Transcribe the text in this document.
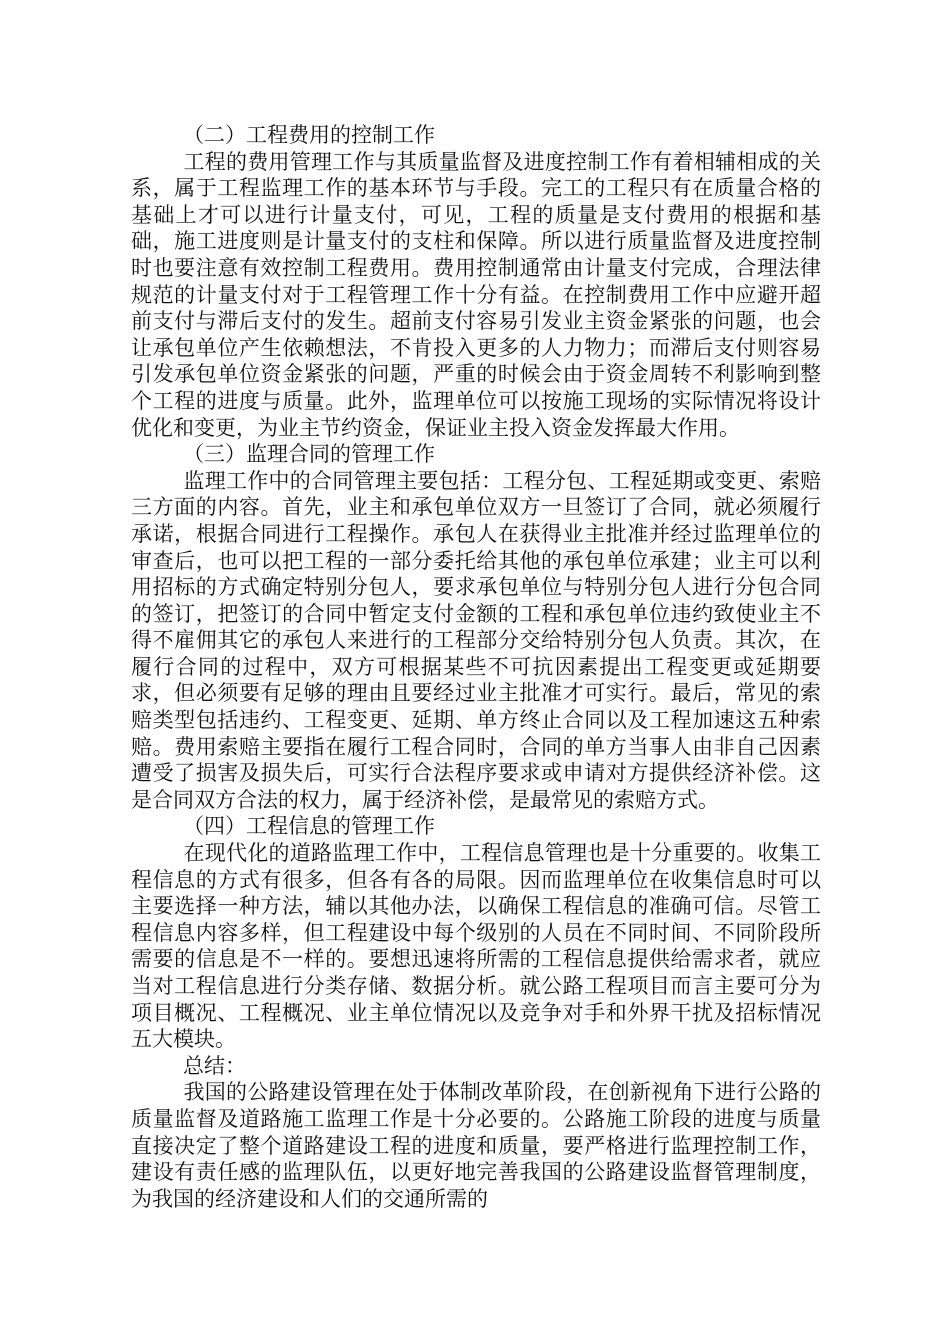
（二）工程费用的控制工作

工程的费用管理工作与其质量监督及进度控制工作有着相辅相成的关系，属于工程监理工作的基本环节与手段。完工的工程只有在质量合格的基础上才可以进行计量支付，可见，工程的质量是支付费用的根据和基础，施工进度则是计量支付的支柱和保障。所以进行质量监督及进度控制时也要注意有效控制工程费用。费用控制通常由计量支付完成，合理法律规范的计量支付对于工程管理工作十分有益。在控制费用工作中应避开超前支付与滞后支付的发生。超前支付容易引发业主资金紧张的问题，也会让承包单位产生依赖想法，不肯投入更多的人力物力；而滞后支付则容易引发承包单位资金紧张的问题，严重的时候会由于资金周转不利影响到整个工程的进度与质量。此外，监理单位可以按施工现场的实际情况将设计优化和变更，为业主节约资金，保证业主投入资金发挥最大作用。

（三）监理合同的管理工作

监理工作中的合同管理主要包括：工程分包、工程延期或变更、索赔三方面的内容。首先，业主和承包单位双方一旦签订了合同，就必须履行承诺，根据合同进行工程操作。承包人在获得业主批准并经过监理单位的审查后，也可以把工程的一部分委托给其他的承包单位承建；业主可以利用招标的方式确定特别分包人，要求承包单位与特别分包人进行分包合同的签订，把签订的合同中暂定支付金额的工程和承包单位违约致使业主不得不雇佣其它的承包人来进行的工程部分交给特别分包人负责。其次，在履行合同的过程中，双方可根据某些不可抗因素提出工程变更或延期要求，但必须要有足够的理由且要经过业主批准才可实行。最后，常见的索赔类型包括违约、工程变更、延期、单方终止合同以及工程加速这五种索赔。费用索赔主要指在履行工程合同时，合同的单方当事人由非自己因素遭受了损害及损失后，可实行合法程序要求或申请对方提供经济补偿。这是合同双方合法的权力，属于经济补偿，是最常见的索赔方式。

（四）工程信息的管理工作

在现代化的道路监理工作中，工程信息管理也是十分重要的。收集工程信息的方式有很多，但各有各的局限。因而监理单位在收集信息时可以主要选择一种方法，辅以其他办法，以确保工程信息的准确可信。尽管工程信息内容多样，但工程建设中每个级别的人员在不同时间、不同阶段所需要的信息是不一样的。要想迅速将所需的工程信息提供给需求者，就应当对工程信息进行分类存储、数据分析。就公路工程项目而言主要可分为项目概况、工程概况、业主单位情况以及竞争对手和外界干扰及招标情况五大模块。

总结：

我国的公路建设管理在处于体制改革阶段，在创新视角下进行公路的质量监督及道路施工监理工作是十分必要的。公路施工阶段的进度与质量直接决定了整个道路建设工程的进度和质量，要严格进行监理控制工作，建设有责任感的监理队伍，以更好地完善我国的公路建设监督管理制度，为我国的经济建设和人们的交通所需的
